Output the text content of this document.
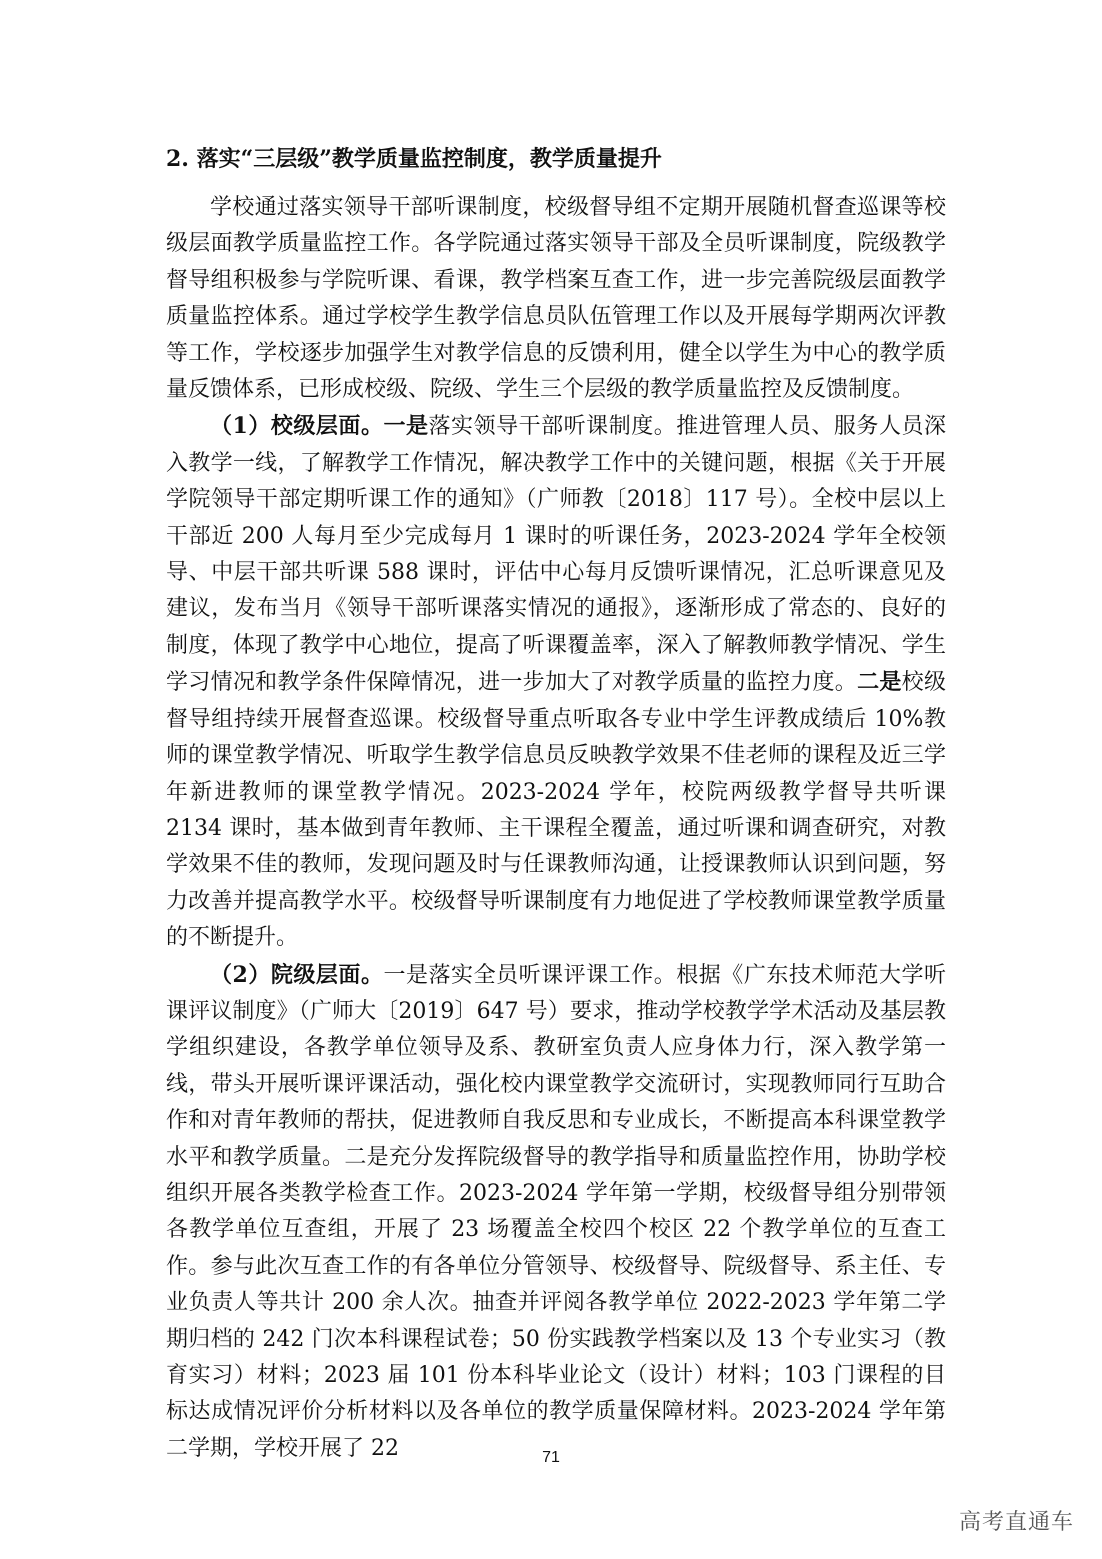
2. 落实“三层级”教学质量监控制度，教学质量提升

学校通过落实领导干部听课制度，校级督导组不定期开展随机督查巡课等校级层面教学质量监控工作。各学院通过落实领导干部及全员听课制度，院级教学督导组积极参与学院听课、看课，教学档案互查工作，进一步完善院级层面教学质量监控体系。通过学校学生教学信息员队伍管理工作以及开展每学期两次评教等工作，学校逐步加强学生对教学信息的反馈利用，健全以学生为中心的教学质量反馈体系，已形成校级、院级、学生三个层级的教学质量监控及反馈制度。

（1）校级层面。一是落实领导干部听课制度。推进管理人员、服务人员深入教学一线，了解教学工作情况，解决教学工作中的关键问题，根据《关于开展学院领导干部定期听课工作的通知》（广师教〔2018〕117 号）。全校中层以上干部近 200 人每月至少完成每月 1 课时的听课任务，2023-2024 学年全校领导、中层干部共听课 588 课时，评估中心每月反馈听课情况，汇总听课意见及建议，发布当月《领导干部听课落实情况的通报》，逐渐形成了常态的、良好的制度，体现了教学中心地位，提高了听课覆盖率，深入了解教师教学情况、学生学习情况和教学条件保障情况，进一步加大了对教学质量的监控力度。二是校级督导组持续开展督查巡课。校级督导重点听取各专业中学生评教成绩后 10%教师的课堂教学情况、听取学生教学信息员反映教学效果不佳老师的课程及近三学年新进教师的课堂教学情况。2023-2024 学年，校院两级教学督导共听课 2134 课时，基本做到青年教师、主干课程全覆盖，通过听课和调查研究，对教学效果不佳的教师，发现问题及时与任课教师沟通，让授课教师认识到问题，努力改善并提高教学水平。校级督导听课制度有力地促进了学校教师课堂教学质量的不断提升。

（2）院级层面。一是落实全员听课评课工作。根据《广东技术师范大学听课评议制度》（广师大〔2019〕647 号）要求，推动学校教学学术活动及基层教学组织建设，各教学单位领导及系、教研室负责人应身体力行，深入教学第一线，带头开展听课评课活动，强化校内课堂教学交流研讨，实现教师同行互助合作和对青年教师的帮扶，促进教师自我反思和专业成长，不断提高本科课堂教学水平和教学质量。二是充分发挥院级督导的教学指导和质量监控作用，协助学校组织开展各类教学检查工作。2023-2024 学年第一学期，校级督导组分别带领各教学单位互查组，开展了 23 场覆盖全校四个校区 22 个教学单位的互查工作。参与此次互查工作的有各单位分管领导、校级督导、院级督导、系主任、专业负责人等共计 200 余人次。抽查并评阅各教学单位 2022-2023 学年第二学期归档的 242 门次本科课程试卷；50 份实践教学档案以及 13 个专业实习（教育实习）材料；2023 届 101 份本科毕业论文（设计）材料；103 门课程的目标达成情况评价分析材料以及各单位的教学质量保障材料。2023-2024 学年第二学期，学校开展了 22	71
高考直通车
